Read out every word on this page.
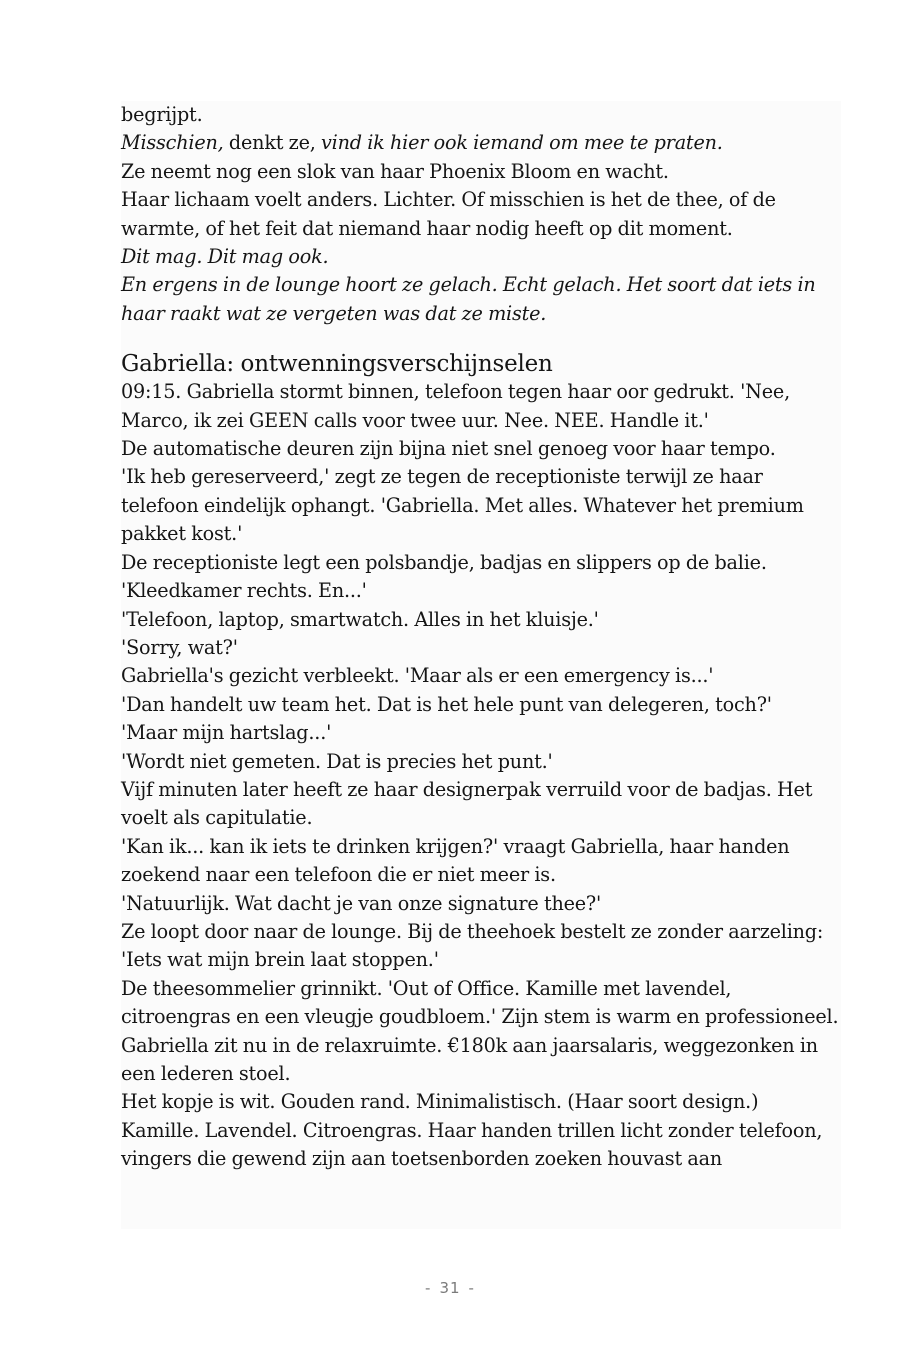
begrijpt.

Misschien, denkt ze, vind ik hier ook iemand om mee te praten.

Ze neemt nog een slok van haar Phoenix Bloom en wacht.

Haar lichaam voelt anders. Lichter. Of misschien is het de thee, of de warmte, of het feit dat niemand haar nodig heeft op dit moment.

Dit mag. Dit mag ook.

En ergens in de lounge hoort ze gelach. Echt gelach. Het soort dat iets in haar raakt wat ze vergeten was dat ze miste.

Gabriella: ontwenningsverschijnselen

09:15. Gabriella stormt binnen, telefoon tegen haar oor gedrukt. 'Nee, Marco, ik zei GEEN calls voor twee uur. Nee. NEE. Handle it.'

De automatische deuren zijn bijna niet snel genoeg voor haar tempo.

'Ik heb gereserveerd,' zegt ze tegen de receptioniste terwijl ze haar telefoon eindelijk ophangt. 'Gabriella. Met alles. Whatever het premium pakket kost.'

De receptioniste legt een polsbandje, badjas en slippers op de balie.

'Kleedkamer rechts. En...'

'Telefoon, laptop, smartwatch. Alles in het kluisje.'

'Sorry, wat?'

Gabriella's gezicht verbleekt. 'Maar als er een emergency is...'

'Dan handelt uw team het. Dat is het hele punt van delegeren, toch?'

'Maar mijn hartslag...'

'Wordt niet gemeten. Dat is precies het punt.'

Vijf minuten later heeft ze haar designerpak verruild voor de badjas. Het voelt als capitulatie.

'Kan ik... kan ik iets te drinken krijgen?' vraagt Gabriella, haar handen zoekend naar een telefoon die er niet meer is.

'Natuurlijk. Wat dacht je van onze signature thee?'

Ze loopt door naar de lounge. Bij de theehoek bestelt ze zonder aarzeling: 'Iets wat mijn brein laat stoppen.'

De theesommelier grinnikt. 'Out of Office. Kamille met lavendel, citroengras en een vleugje goudbloem.' Zijn stem is warm en professioneel.

Gabriella zit nu in de relaxruimte. €180k aan jaarsalaris, weggezonken in een lederen stoel.

Het kopje is wit. Gouden rand. Minimalistisch. (Haar soort design.)

Kamille. Lavendel. Citroengras. Haar handen trillen licht zonder telefoon, vingers die gewend zijn aan toetsenborden zoeken houvast aan

- 31 -
